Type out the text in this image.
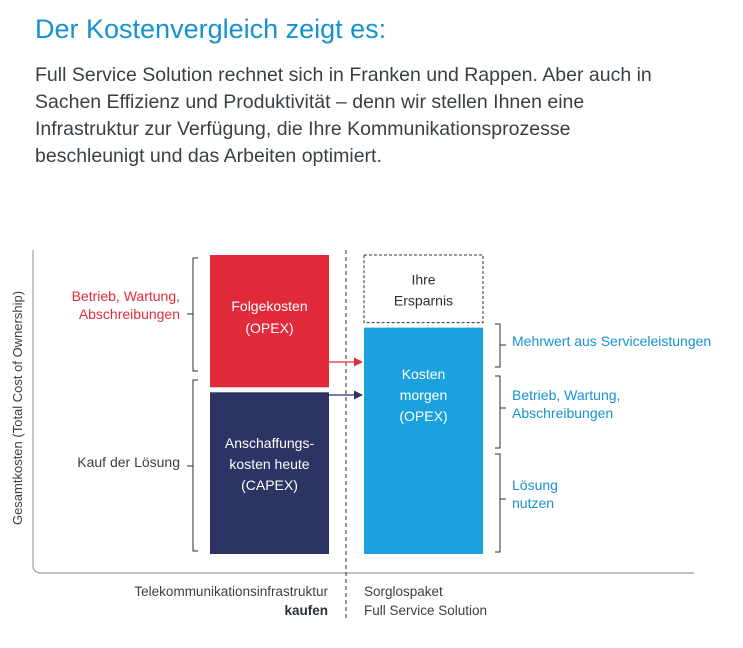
Der Kostenvergleich zeigt es:

Full Service Solution rechnet sich in Franken und Rappen. Aber auch in Sachen Effizienz und Produktivität – denn wir stellen Ihnen eine Infrastruktur zur Verfügung, die Ihre Kommunikationsprozesse beschleunigt und das Arbeiten optimiert.

Gesamtkosten (Total Cost of Ownership)	Folgekosten (OPEX)
Anschaffungs-kosten heute (CAPEX)
Ihre Ersparnis
Kosten morgen (OPEX)
Betrieb, Wartung, Abschreibungen
Kauf der Lösung
Mehrwert aus Serviceleistungen
Betrieb, Wartung, Abschreibungen
Lösung nutzen
Telekommunikationsinfrastruktur
kaufen
Sorglospaket
Full Service Solution
